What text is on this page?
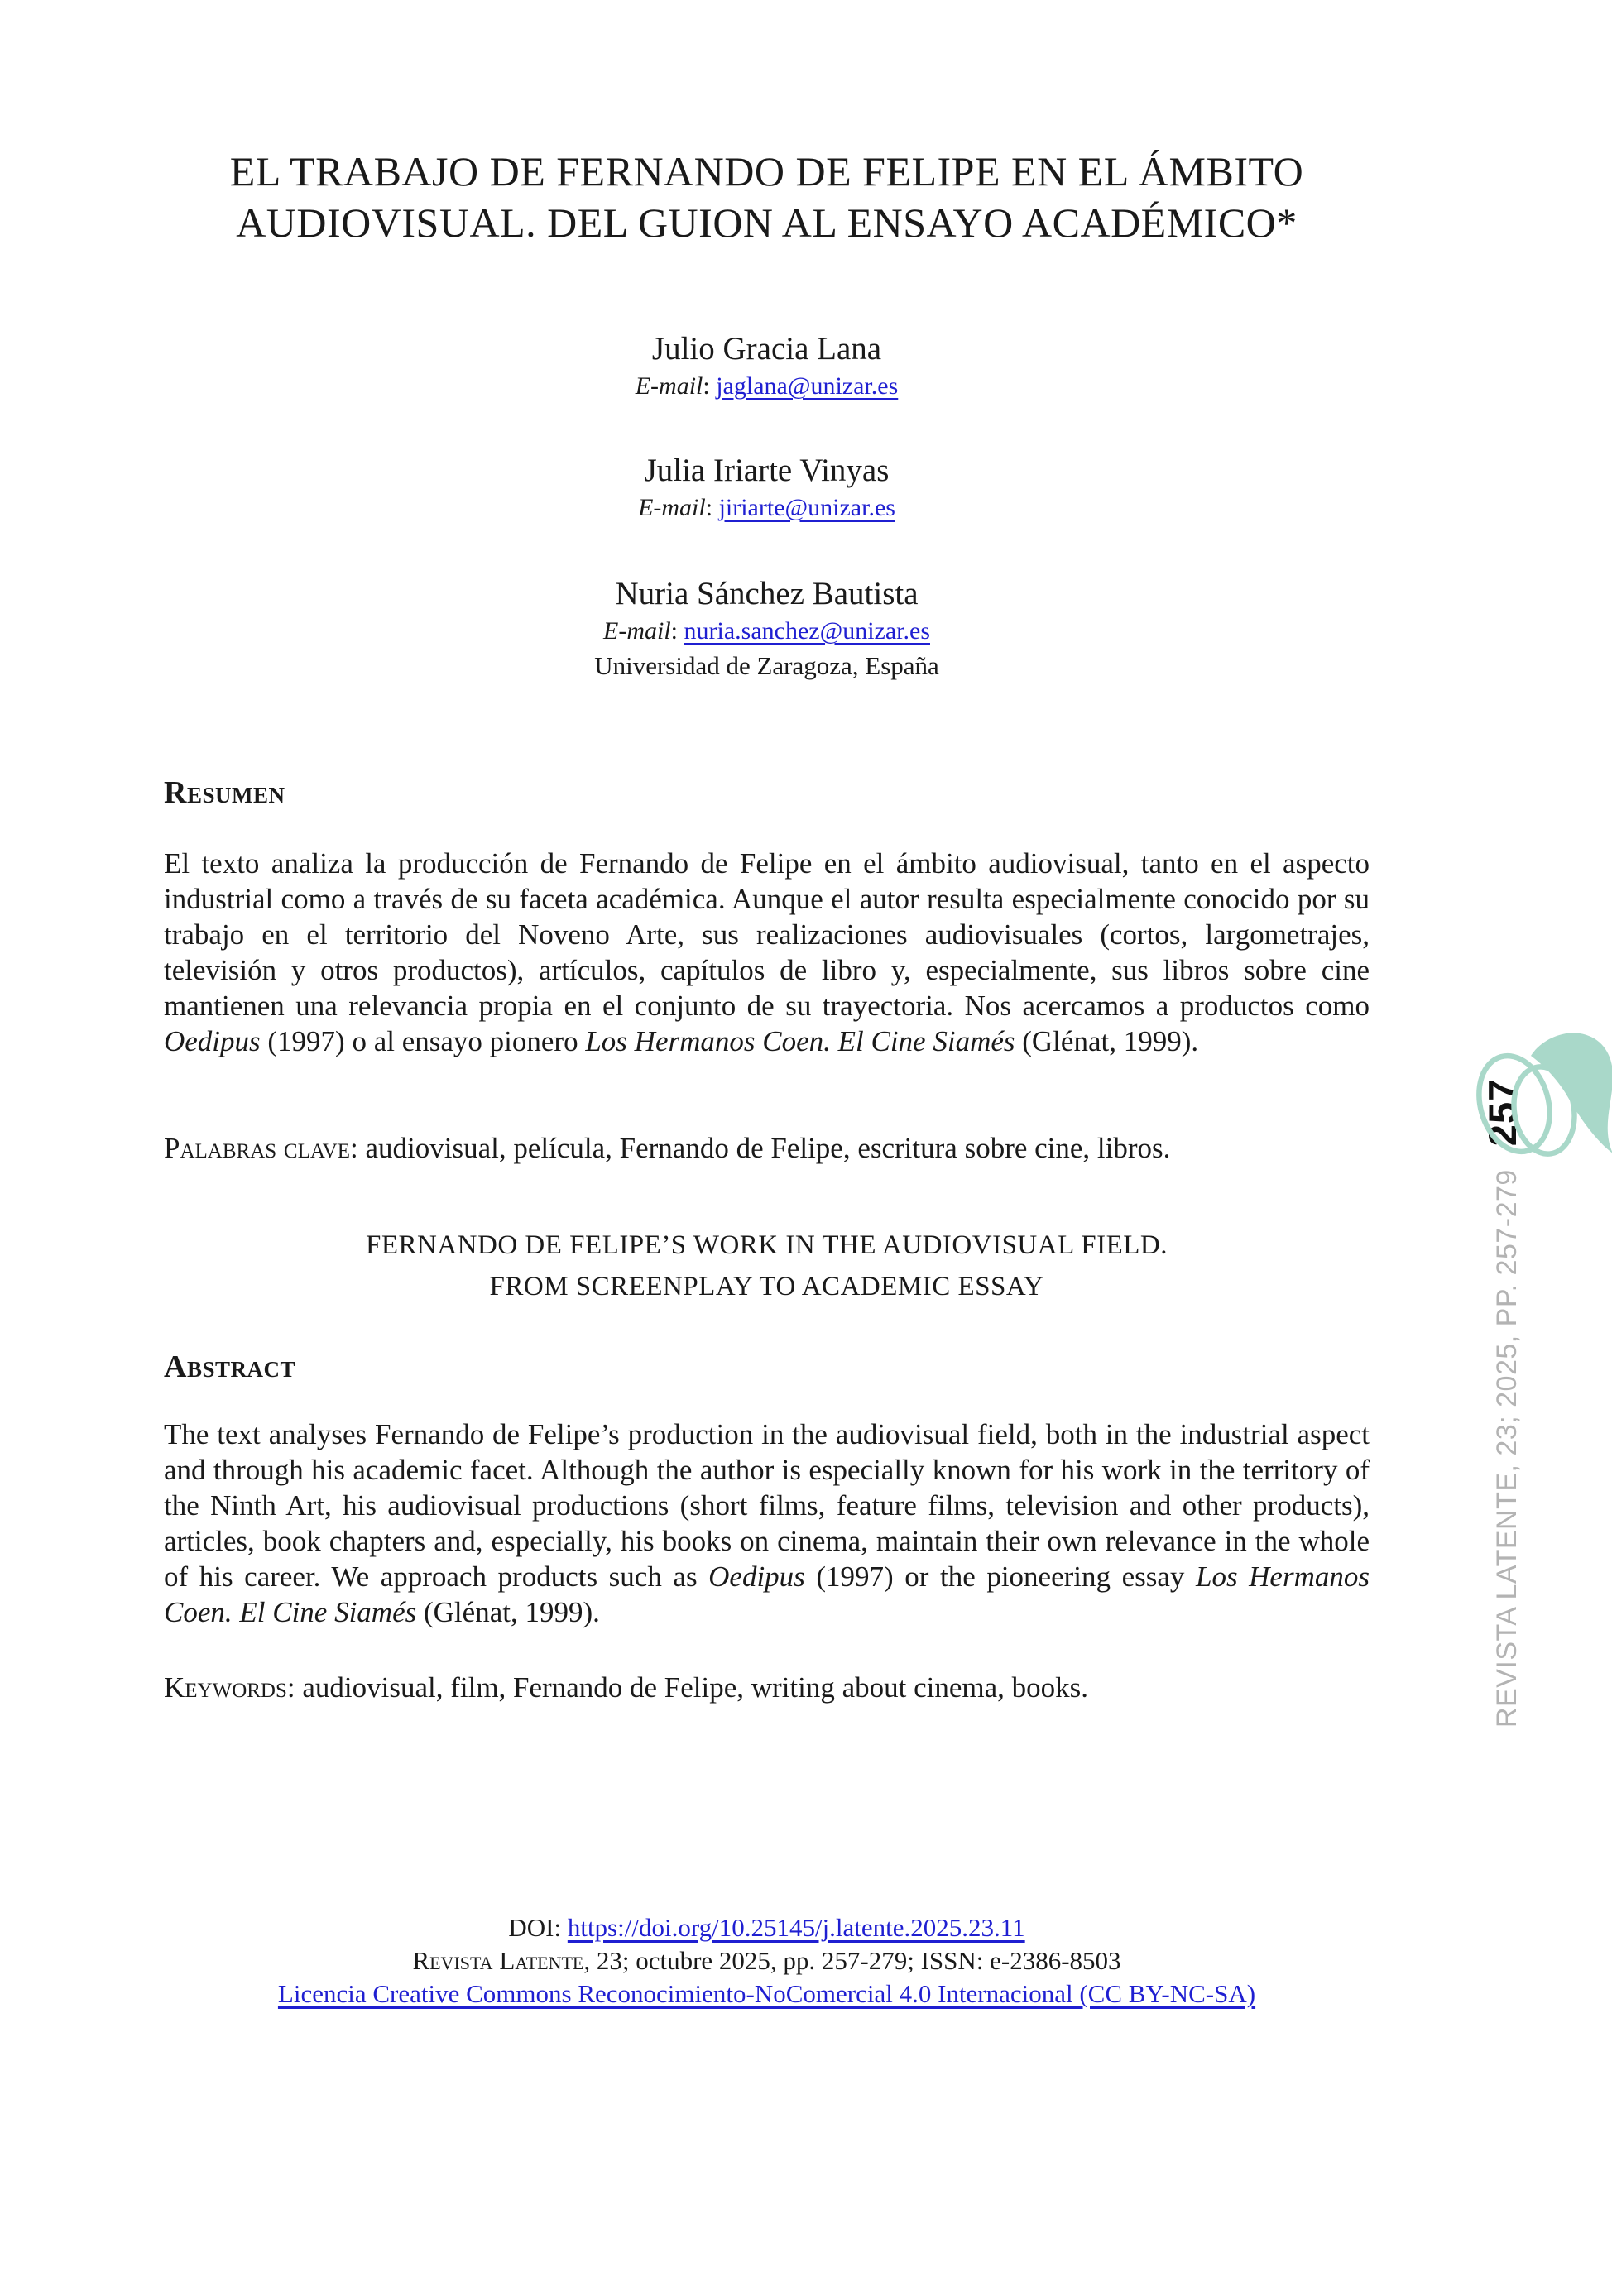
EL TRABAJO DE FERNANDO DE FELIPE EN EL ÁMBITO
AUDIOVISUAL. DEL GUION AL ENSAYO ACADÉMICO*
Julio Gracia Lana
E-mail: jaglana@unizar.es
Julia Iriarte Vinyas
E-mail: jiriarte@unizar.es
Nuria Sánchez Bautista
E-mail: nuria.sanchez@unizar.es
Universidad de Zaragoza, España
Resumen

El texto analiza la producción de Fernando de Felipe en el ámbito audiovisual, tanto en el aspecto industrial como a través de su faceta académica. Aunque el autor resulta especialmente conocido por su trabajo en el territorio del Noveno Arte, sus realizaciones audiovisuales (cortos, largometrajes, televisión y otros productos), artículos, capítulos de libro y, especialmente, sus libros sobre cine mantienen una relevancia propia en el conjunto de su trayectoria. Nos acercamos a productos como Oedipus (1997) o al ensayo pionero Los Hermanos Coen. El Cine Siamés (Glénat, 1999).

Palabras clave: audiovisual, película, Fernando de Felipe, escritura sobre cine, libros.

FERNANDO DE FELIPE’S WORK IN THE AUDIOVISUAL FIELD.
FROM SCREENPLAY TO ACADEMIC ESSAY
Abstract

The text analyses Fernando de Felipe’s production in the audiovisual field, both in the industrial aspect and through his academic facet. Although the author is especially known for his work in the territory of the Ninth Art, his audiovisual productions (short films, feature films, television and other products), articles, book chapters and, especially, his books on cinema, maintain their own relevance in the whole of his career. We approach products such as Oedipus (1997) or the pioneering essay Los Hermanos Coen. El Cine Siamés (Glénat, 1999).

Keywords: audiovisual, film, Fernando de Felipe, writing about cinema, books.

DOI: https://doi.org/10.25145/j.latente.2025.23.11
Revista Latente, 23; octubre 2025, pp. 257-279; ISSN: e-2386-8503
Licencia Creative Commons Reconocimiento-NoComercial 4.0 Internacional (CC BY-NC-SA)
REVISTA LATENTE, 23; 2025, PP. 257-279257
